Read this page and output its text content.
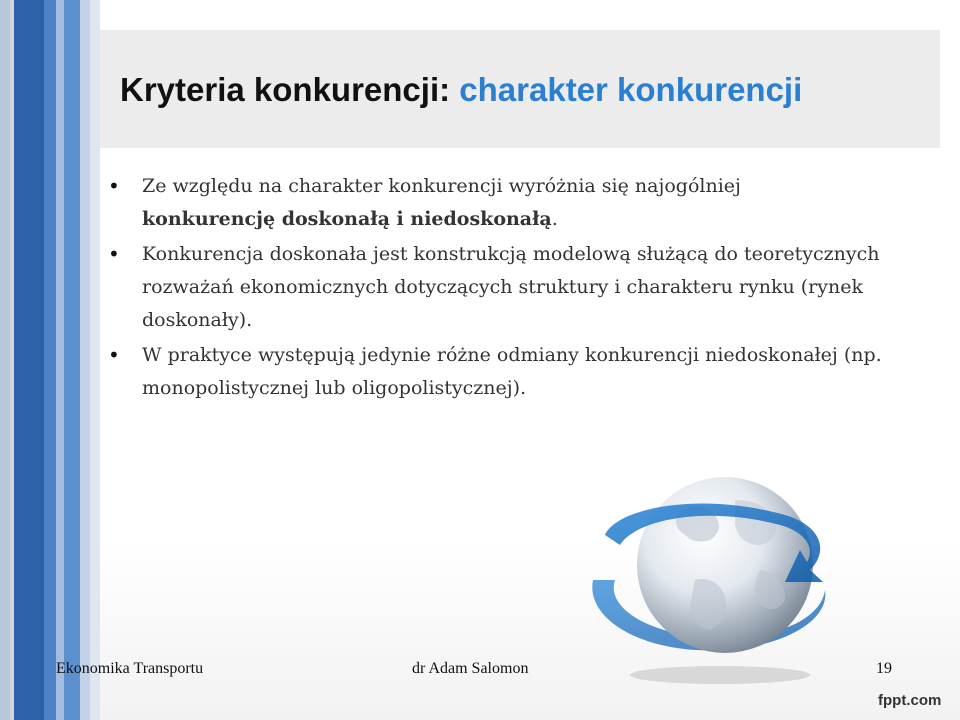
Kryteria konkurencji: charakter konkurencji
• Ze względu na charakter konkurencji wyróżnia się najogólniej
konkurencję doskonałą i niedoskonałą.
• Konkurencja doskonała jest konstrukcją modelową służącą do teoretycznych rozważań ekonomicznych dotyczących struktury i charakteru rynku (rynek doskonały).
• W praktyce występują jedynie różne odmiany konkurencji niedoskonałej (np. monopolistycznej lub oligopolistycznej).
Ekonomika Transportu	dr Adam Salomon	19
fppt.com
